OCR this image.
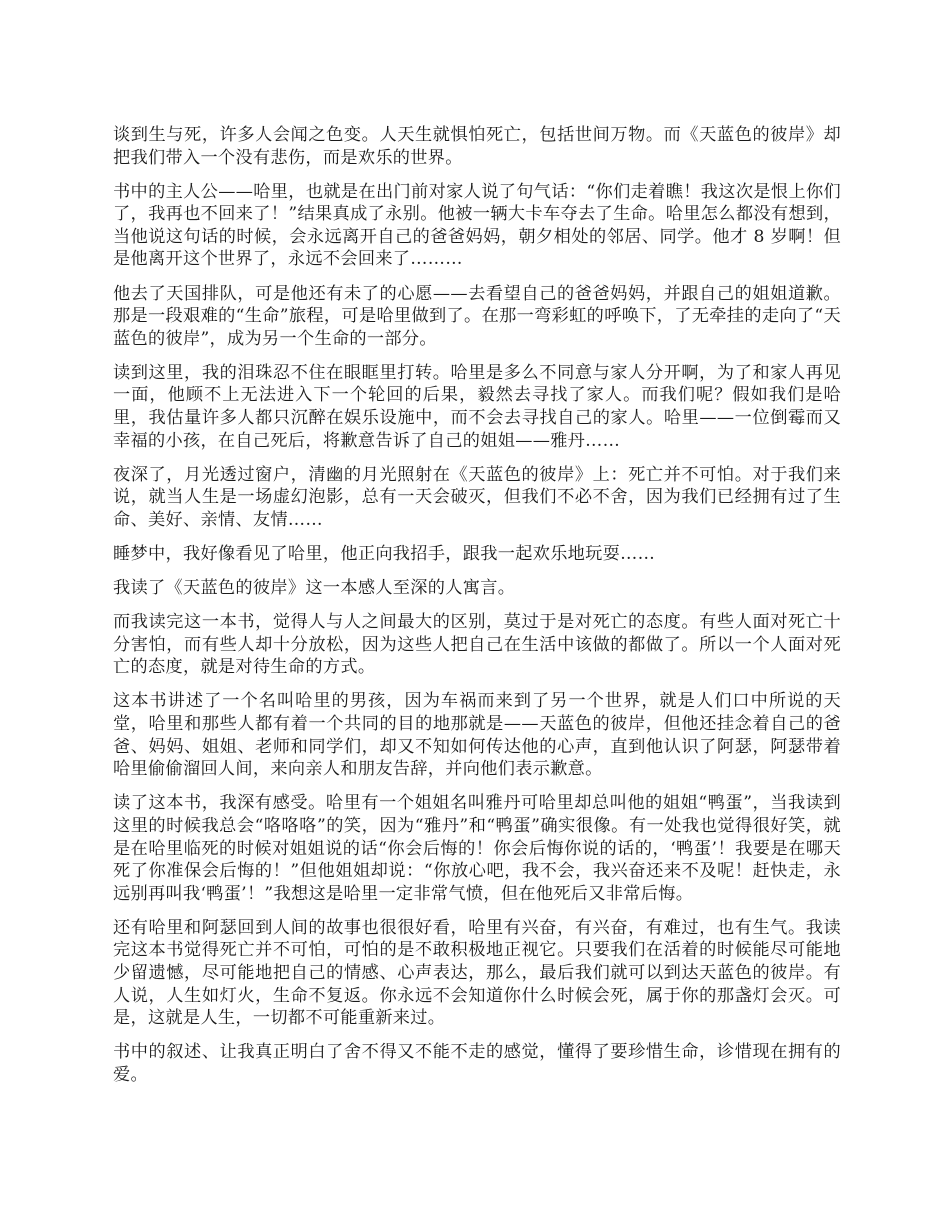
谈到生与死，许多人会闻之色变。人天生就惧怕死亡，包括世间万物。而《天蓝色的彼岸》却把我们带入一个没有悲伤，而是欢乐的世界。

书中的主人公——哈里，也就是在出门前对家人说了句气话：“你们走着瞧！我这次是恨上你们了，我再也不回来了！”结果真成了永别。他被一辆大卡车夺去了生命。哈里怎么都没有想到，当他说这句话的时候，会永远离开自己的爸爸妈妈，朝夕相处的邻居、同学。他才 8 岁啊！但是他离开这个世界了，永远不会回来了………

他去了天国排队，可是他还有未了的心愿——去看望自己的爸爸妈妈，并跟自己的姐姐道歉。那是一段艰难的“生命”旅程，可是哈里做到了。在那一弯彩虹的呼唤下，了无牵挂的走向了“天蓝色的彼岸”，成为另一个生命的一部分。

读到这里，我的泪珠忍不住在眼眶里打转。哈里是多么不同意与家人分开啊，为了和家人再见一面，他顾不上无法进入下一个轮回的后果，毅然去寻找了家人。而我们呢？假如我们是哈里，我估量许多人都只沉醉在娱乐设施中，而不会去寻找自己的家人。哈里——一位倒霉而又幸福的小孩，在自己死后，将歉意告诉了自己的姐姐——雅丹……

夜深了，月光透过窗户，清幽的月光照射在《天蓝色的彼岸》上：死亡并不可怕。对于我们来说，就当人生是一场虚幻泡影，总有一天会破灭，但我们不必不舍，因为我们已经拥有过了生命、美好、亲情、友情……

睡梦中，我好像看见了哈里，他正向我招手，跟我一起欢乐地玩耍……

我读了《天蓝色的彼岸》这一本感人至深的人寓言。

而我读完这一本书，觉得人与人之间最大的区别，莫过于是对死亡的态度。有些人面对死亡十分害怕，而有些人却十分放松，因为这些人把自己在生活中该做的都做了。所以一个人面对死亡的态度，就是对待生命的方式。

这本书讲述了一个名叫哈里的男孩，因为车祸而来到了另一个世界，就是人们口中所说的天堂，哈里和那些人都有着一个共同的目的地那就是——天蓝色的彼岸，但他还挂念着自己的爸爸、妈妈、姐姐、老师和同学们，却又不知如何传达他的心声，直到他认识了阿瑟，阿瑟带着哈里偷偷溜回人间，来向亲人和朋友告辞，并向他们表示歉意。

读了这本书，我深有感受。哈里有一个姐姐名叫雅丹可哈里却总叫他的姐姐“鸭蛋”，当我读到这里的时候我总会“咯咯咯”的笑，因为“雅丹”和“鸭蛋”确实很像。有一处我也觉得很好笑，就是在哈里临死的时候对姐姐说的话“你会后悔的！你会后悔你说的话的，‘鸭蛋’！我要是在哪天死了你准保会后悔的！”但他姐姐却说：“你放心吧，我不会，我兴奋还来不及呢！赶快走，永远别再叫我‘鸭蛋’！”我想这是哈里一定非常气愤，但在他死后又非常后悔。

还有哈里和阿瑟回到人间的故事也很很好看，哈里有兴奋，有兴奋，有难过，也有生气。我读完这本书觉得死亡并不可怕，可怕的是不敢积极地正视它。只要我们在活着的时候能尽可能地少留遗憾，尽可能地把自己的情感、心声表达，那么，最后我们就可以到达天蓝色的彼岸。有人说，人生如灯火，生命不复返。你永远不会知道你什么时候会死，属于你的那盏灯会灭。可是，这就是人生，一切都不可能重新来过。

书中的叙述、让我真正明白了舍不得又不能不走的感觉，懂得了要珍惜生命，诊惜现在拥有的爱。
